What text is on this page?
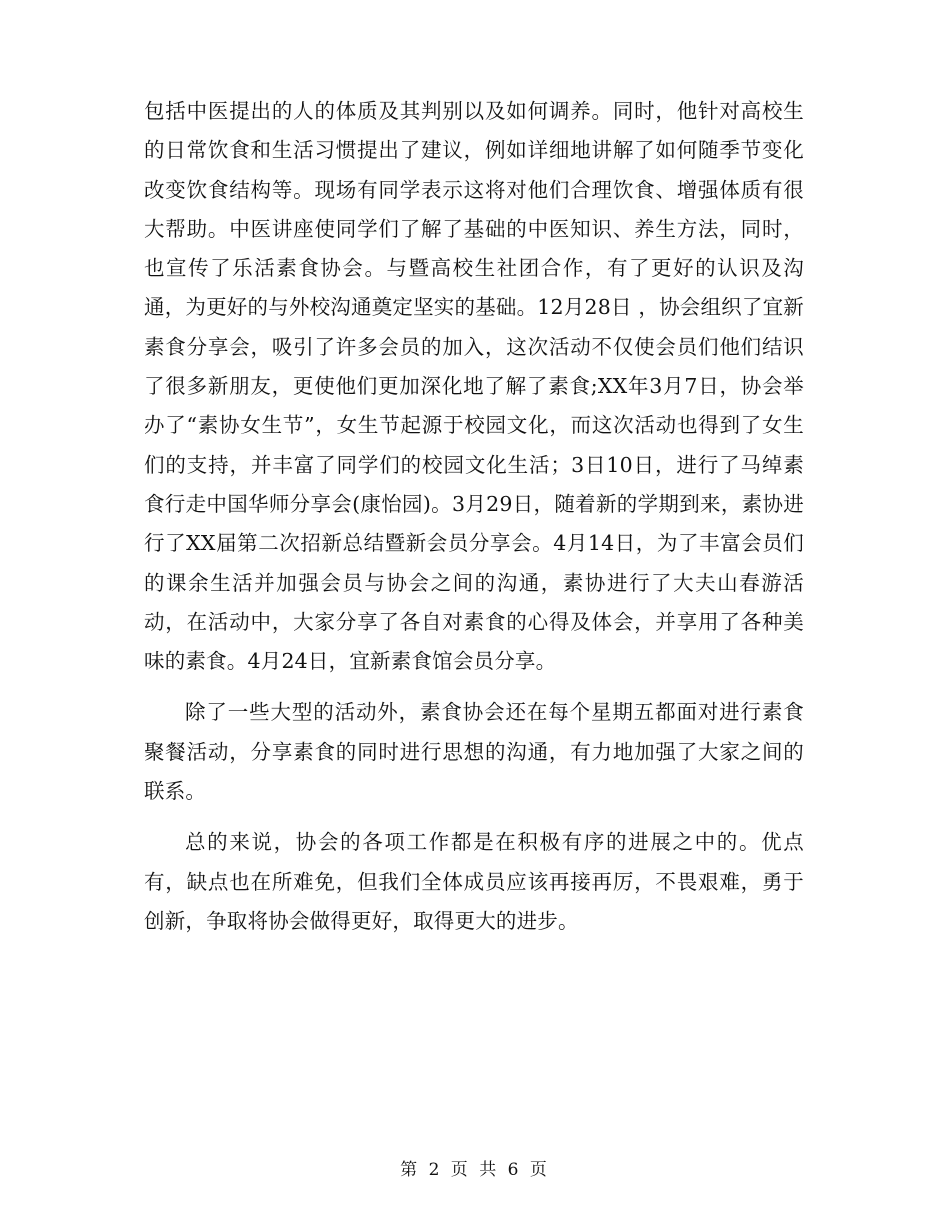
包括中医提出的人的体质及其判别以及如何调养。同时，他针对高校生的日常饮食和生活习惯提出了建议，例如详细地讲解了如何随季节变化改变饮食结构等。现场有同学表示这将对他们合理饮食、增强体质有很大帮助。中医讲座使同学们了解了基础的中医知识、养生方法，同时，也宣传了乐活素食协会。与暨高校生社团合作，有了更好的认识及沟通，为更好的与外校沟通奠定坚实的基础。12月28日 ，协会组织了宜新素食分享会，吸引了许多会员的加入，这次活动不仅使会员们他们结识了很多新朋友，更使他们更加深化地了解了素食;XX年3月7日，协会举办了“素协女生节”，女生节起源于校园文化，而这次活动也得到了女生们的支持，并丰富了同学们的校园文化生活；3日10日，进行了马绰素食行走中国华师分享会(康怡园)。3月29日，随着新的学期到来，素协进行了XX届第二次招新总结暨新会员分享会。4月14日，为了丰富会员们的课余生活并加强会员与协会之间的沟通，素协进行了大夫山春游活动，在活动中，大家分享了各自对素食的心得及体会，并享用了各种美味的素食。4月24日，宜新素食馆会员分享。

除了一些大型的活动外，素食协会还在每个星期五都面对进行素食聚餐活动，分享素食的同时进行思想的沟通，有力地加强了大家之间的联系。

总的来说，协会的各项工作都是在积极有序的进展之中的。优点有，缺点也在所难免，但我们全体成员应该再接再厉，不畏艰难，勇于创新，争取将协会做得更好，取得更大的进步。

第 2 页 共 6 页
